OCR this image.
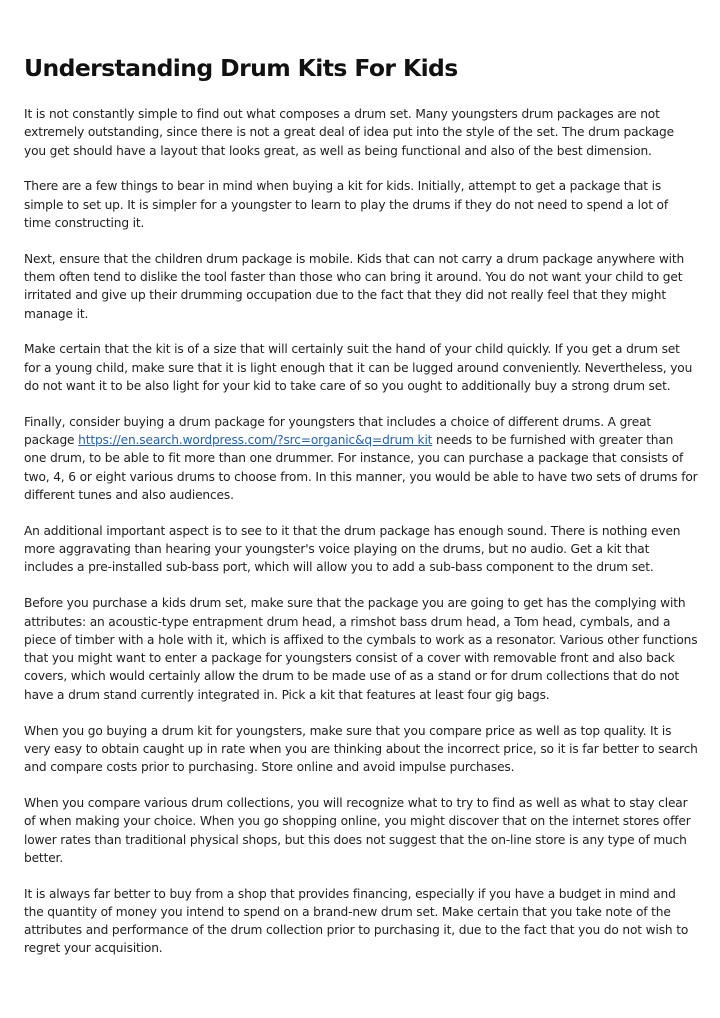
Understanding Drum Kits For Kids

It is not constantly simple to find out what composes a drum set. Many youngsters drum packages are not extremely outstanding, since there is not a great deal of idea put into the style of the set. The drum package you get should have a layout that looks great, as well as being functional and also of the best dimension.

There are a few things to bear in mind when buying a kit for kids. Initially, attempt to get a package that is simple to set up. It is simpler for a youngster to learn to play the drums if they do not need to spend a lot of time constructing it.

Next, ensure that the children drum package is mobile. Kids that can not carry a drum package anywhere with them often tend to dislike the tool faster than those who can bring it around. You do not want your child to get irritated and give up their drumming occupation due to the fact that they did not really feel that they might manage it.

Make certain that the kit is of a size that will certainly suit the hand of your child quickly. If you get a drum set for a young child, make sure that it is light enough that it can be lugged around conveniently. Nevertheless, you do not want it to be also light for your kid to take care of so you ought to additionally buy a strong drum set.

Finally, consider buying a drum package for youngsters that includes a choice of different drums. A great package https://en.search.wordpress.com/?src=organic&q=drum kit needs to be furnished with greater than one drum, to be able to fit more than one drummer. For instance, you can purchase a package that consists of two, 4, 6 or eight various drums to choose from. In this manner, you would be able to have two sets of drums for different tunes and also audiences.

An additional important aspect is to see to it that the drum package has enough sound. There is nothing even more aggravating than hearing your youngster's voice playing on the drums, but no audio. Get a kit that includes a pre-installed sub-bass port, which will allow you to add a sub-bass component to the drum set.

Before you purchase a kids drum set, make sure that the package you are going to get has the complying with attributes: an acoustic-type entrapment drum head, a rimshot bass drum head, a Tom head, cymbals, and a piece of timber with a hole with it, which is affixed to the cymbals to work as a resonator. Various other functions that you might want to enter a package for youngsters consist of a cover with removable front and also back covers, which would certainly allow the drum to be made use of as a stand or for drum collections that do not have a drum stand currently integrated in. Pick a kit that features at least four gig bags.

When you go buying a drum kit for youngsters, make sure that you compare price as well as top quality. It is very easy to obtain caught up in rate when you are thinking about the incorrect price, so it is far better to search and compare costs prior to purchasing. Store online and avoid impulse purchases.

When you compare various drum collections, you will recognize what to try to find as well as what to stay clear of when making your choice. When you go shopping online, you might discover that on the internet stores offer lower rates than traditional physical shops, but this does not suggest that the on-line store is any type of much better.

It is always far better to buy from a shop that provides financing, especially if you have a budget in mind and the quantity of money you intend to spend on a brand-new drum set. Make certain that you take note of the attributes and performance of the drum collection prior to purchasing it, due to the fact that you do not wish to regret your acquisition.
